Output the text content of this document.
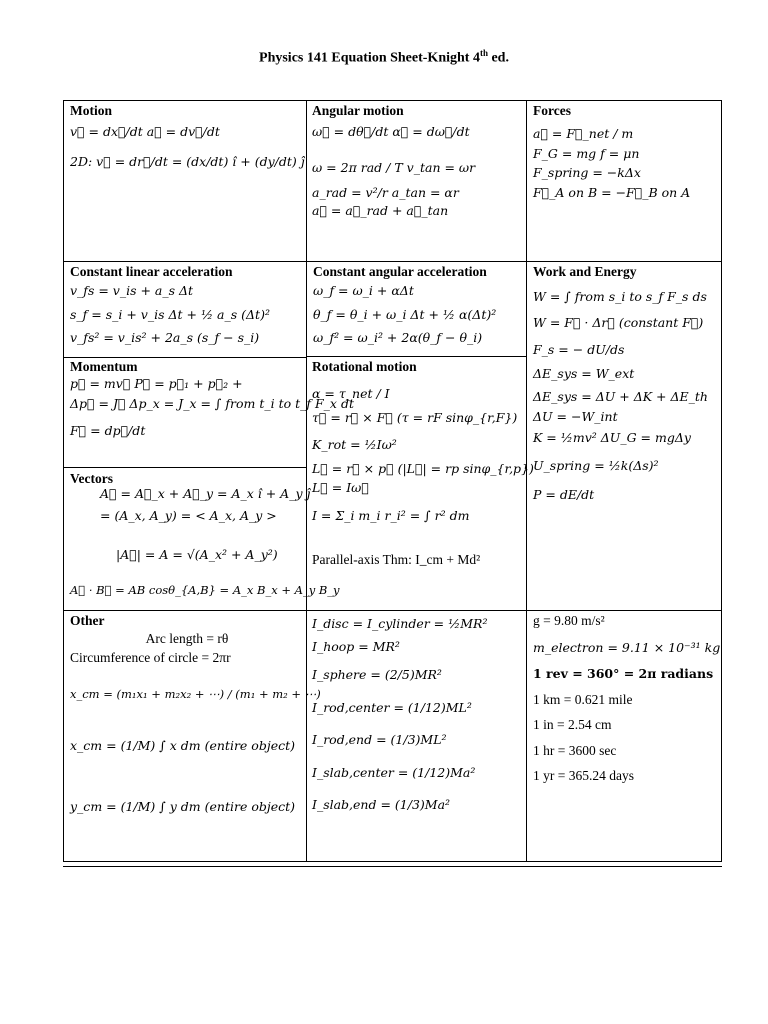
Physics 141 Equation Sheet-Knight 4th ed.
Motion
v⃗ = dx⃗/dt a⃗ = dv⃗/dt
2D: v⃗ = dr⃗/dt = (dx/dt) î + (dy/dt) ĵ
Angular motion
ω⃗ = dθ⃗/dt α⃗ = dω⃗/dt
ω = 2π rad / T v_tan = ωr
a_rad = v²/r a_tan = αr
a⃗ = a⃗_rad + a⃗_tan
Forces
a⃗ = F⃗_net / m
F_G = mg f = μn
F_spring = −kΔx
F⃗_A on B = −F⃗_B on A
Constant linear acceleration
v_fs = v_is + a_s Δt
s_f = s_i + v_is Δt + ½ a_s (Δt)²
v_fs² = v_is² + 2a_s (s_f − s_i)
Constant angular acceleration
ω_f = ω_i + αΔt
θ_f = θ_i + ω_i Δt + ½ α(Δt)²
ω_f² = ω_i² + 2α(θ_f − θ_i)
Work and Energy
W = ∫ from s_i to s_f F_s ds
W = F⃗ · Δr⃗ (constant F⃗)
F_s = − dU/ds
ΔE_sys = W_ext
ΔE_sys = ΔU + ΔK + ΔE_th
ΔU = −W_int
K = ½mv² ΔU_G = mgΔy
U_spring = ½k(Δs)²
P = dE/dt
Momentum
p⃗ = mv⃗ P⃗ = p⃗₁ + p⃗₂ +
Δp⃗ = J⃗ Δp_x = J_x = ∫ from t_i to t_f F_x dt
F⃗ = dp⃗/dt
Rotational motion
α = τ_net / I
τ⃗ = r⃗ × F⃗ (τ = rF sinφ_{r,F})
K_rot = ½Iω²
L⃗ = r⃗ × p⃗ (|L⃗| = rp sinφ_{r,p})
L⃗ = Iω⃗
I = Σ_i m_i r_i² = ∫ r² dm
Parallel-axis Thm: I_cm + Md²
Vectors
A⃗ = A⃗_x + A⃗_y = A_x î + A_y ĵ
= (A_x, A_y) = < A_x, A_y >
|A⃗| = A = √(A_x² + A_y²)
A⃗ · B⃗ = AB cosθ_{A,B} = A_x B_x + A_y B_y
Other
Arc length = rθ
Circumference of circle = 2πr
x_cm = (m₁x₁ + m₂x₂ + ⋯) / (m₁ + m₂ + ⋯)
x_cm = (1/M) ∫ x dm (entire object)
y_cm = (1/M) ∫ y dm (entire object)
I_disc = I_cylinder = ½MR²
I_hoop = MR²
I_sphere = (2/5)MR²
I_rod,center = (1/12)ML²
I_rod,end = (1/3)ML²
I_slab,center = (1/12)Ma²
I_slab,end = (1/3)Ma²
g = 9.80 m/s²
m_electron = 9.11 × 10⁻³¹ kg
1 rev = 360° = 2π radians
1 km = 0.621 mile
1 in = 2.54 cm
1 hr = 3600 sec
1 yr = 365.24 days
